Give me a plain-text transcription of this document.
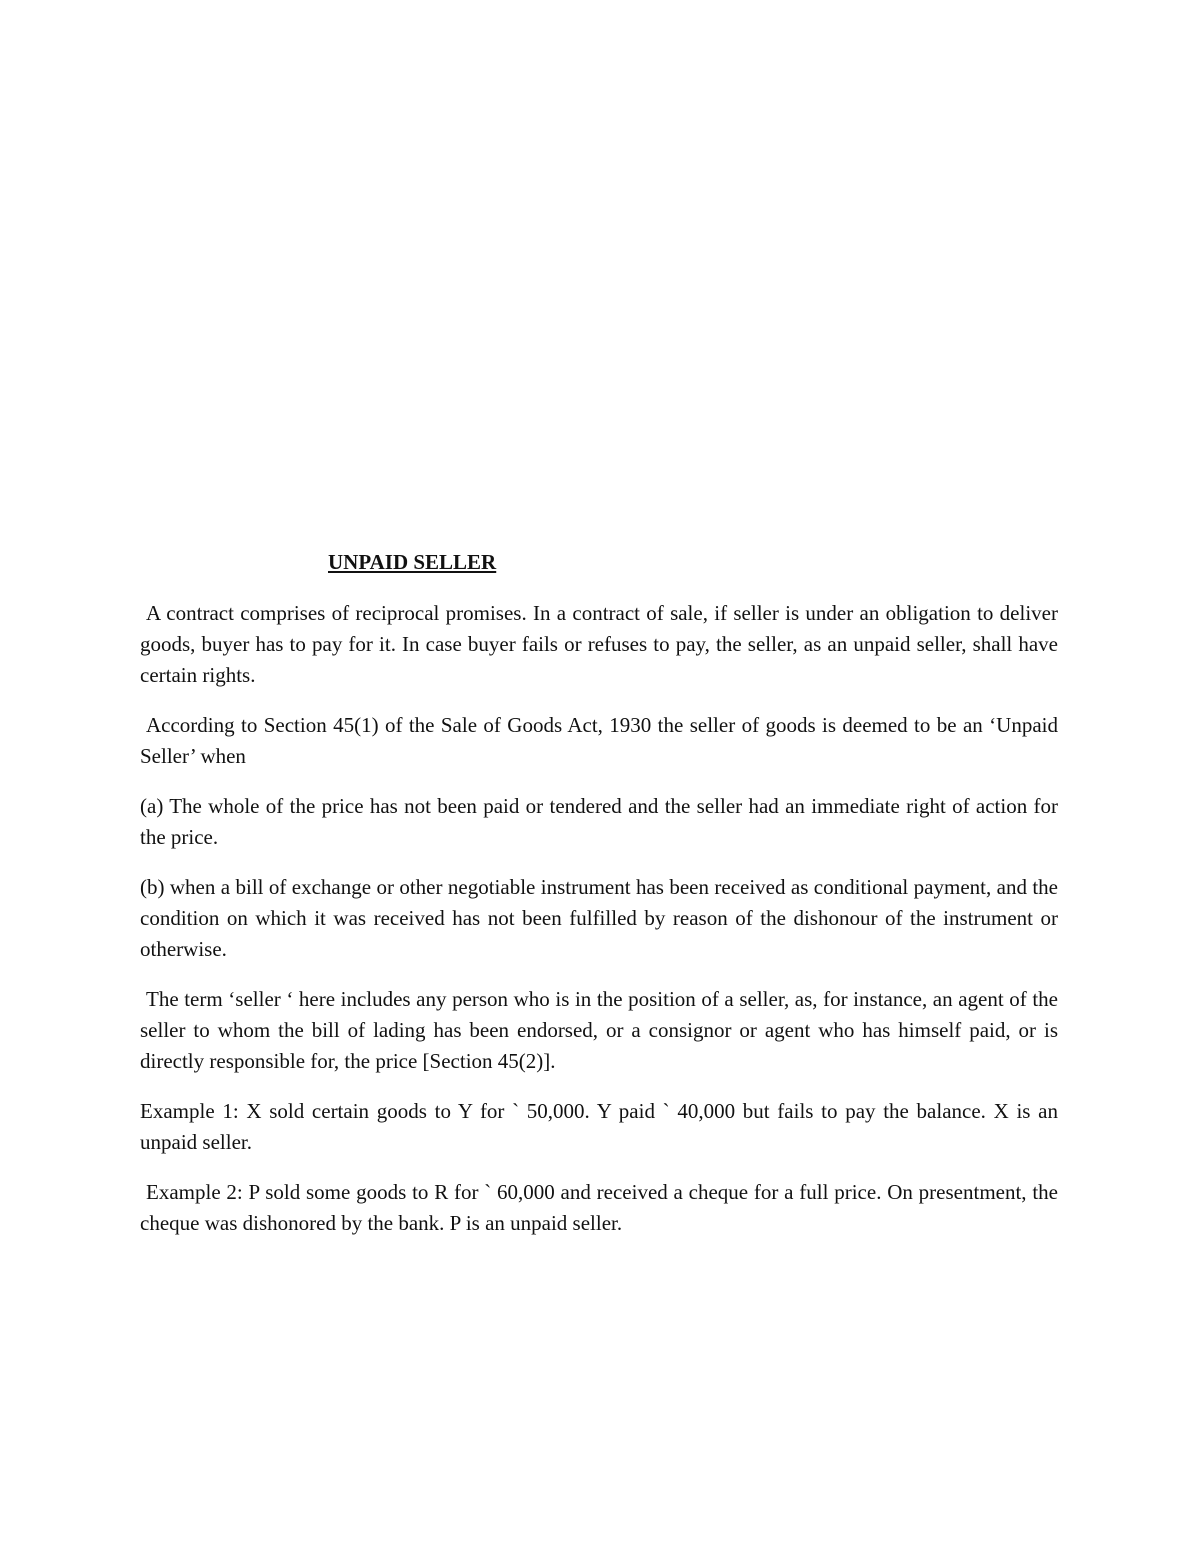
UNPAID SELLER

A contract comprises of reciprocal promises. In a contract of sale, if seller is under an obligation to deliver goods, buyer has to pay for it. In case buyer fails or refuses to pay, the seller, as an unpaid seller, shall have certain rights.

According to Section 45(1) of the Sale of Goods Act, 1930 the seller of goods is deemed to be an ‘Unpaid Seller’ when

(a) The whole of the price has not been paid or tendered and the seller had an immediate right of action for the price.

(b) when a bill of exchange or other negotiable instrument has been received as conditional payment, and the condition on which it was received has not been fulfilled by reason of the dishonour of the instrument or otherwise.

The term ‘seller ‘ here includes any person who is in the position of a seller, as, for instance, an agent of the seller to whom the bill of lading has been endorsed, or a consignor or agent who has himself paid, or is directly responsible for, the price [Section 45(2)].

Example 1: X sold certain goods to Y for ` 50,000. Y paid ` 40,000 but fails to pay the balance. X is an unpaid seller.

Example 2: P sold some goods to R for ` 60,000 and received a cheque for a full price. On presentment, the cheque was dishonored by the bank. P is an unpaid seller.
